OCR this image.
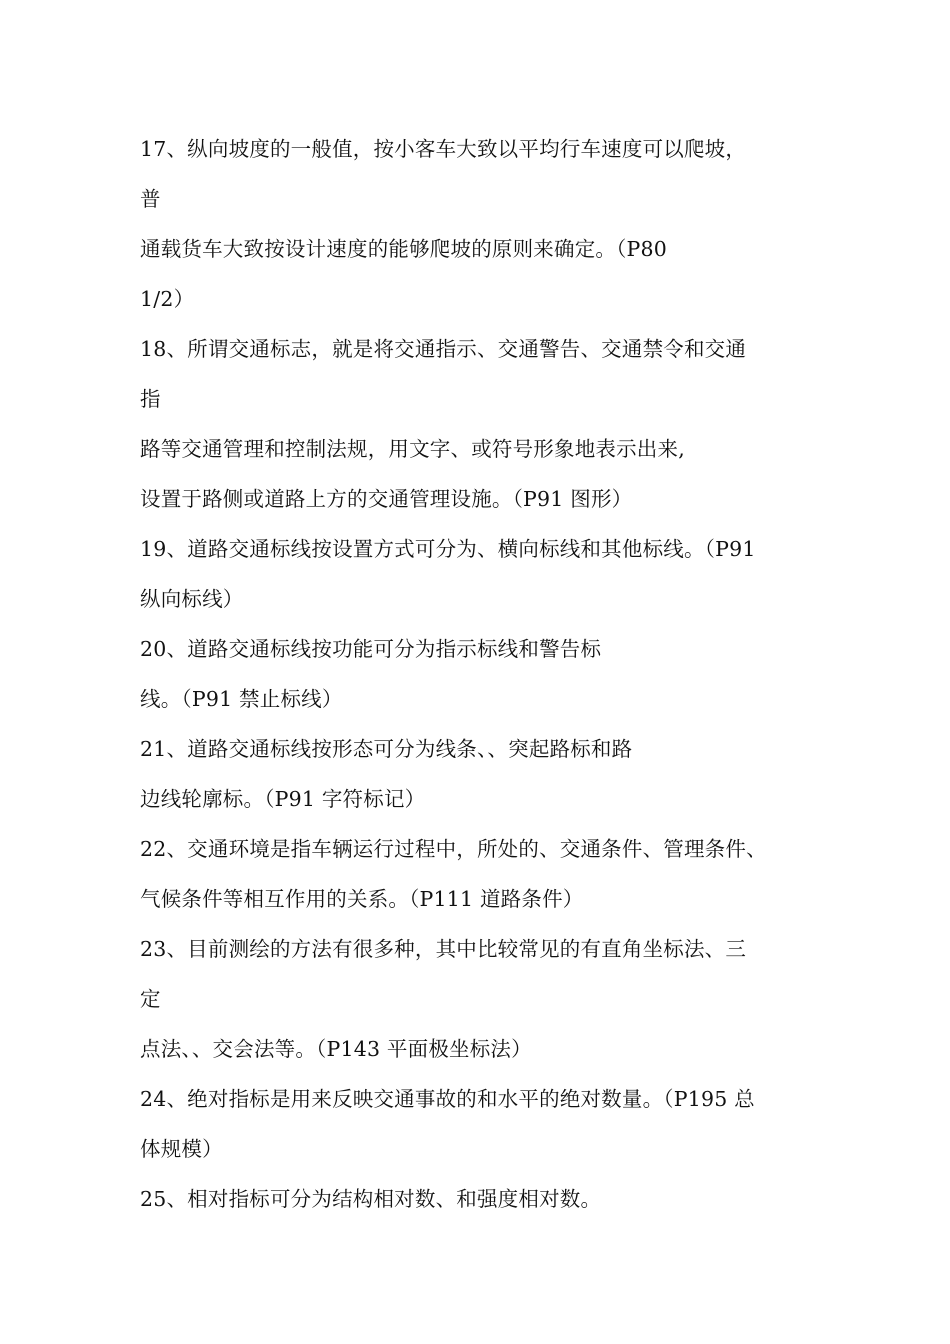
17、纵向坡度的一般值，按小客车大致以平均行车速度可以爬坡，
普
通载货车大致按设计速度的能够爬坡的原则来确定。（P80
1/2）
18、所谓交通标志，就是将交通指示、交通警告、交通禁令和交通
指
路等交通管理和控制法规，用文字、或符号形象地表示出来,
设置于路侧或道路上方的交通管理设施。（P91 图形）
19、道路交通标线按设置方式可分为、横向标线和其他标线。（P91
纵向标线）
20、道路交通标线按功能可分为指示标线和警告标
线。（P91 禁止标线）
21、道路交通标线按形态可分为线条、、突起路标和路
边线轮廓标。（P91 字符标记）
22、交通环境是指车辆运行过程中，所处的、交通条件、管理条件、
气候条件等相互作用的关系。（P111 道路条件）
23、目前测绘的方法有很多种，其中比较常见的有直角坐标法、三
定
点法、、交会法等。（P143 平面极坐标法）
24、绝对指标是用来反映交通事故的和水平的绝对数量。（P195 总
体规模）
25、相对指标可分为结构相对数、和强度相对数。
